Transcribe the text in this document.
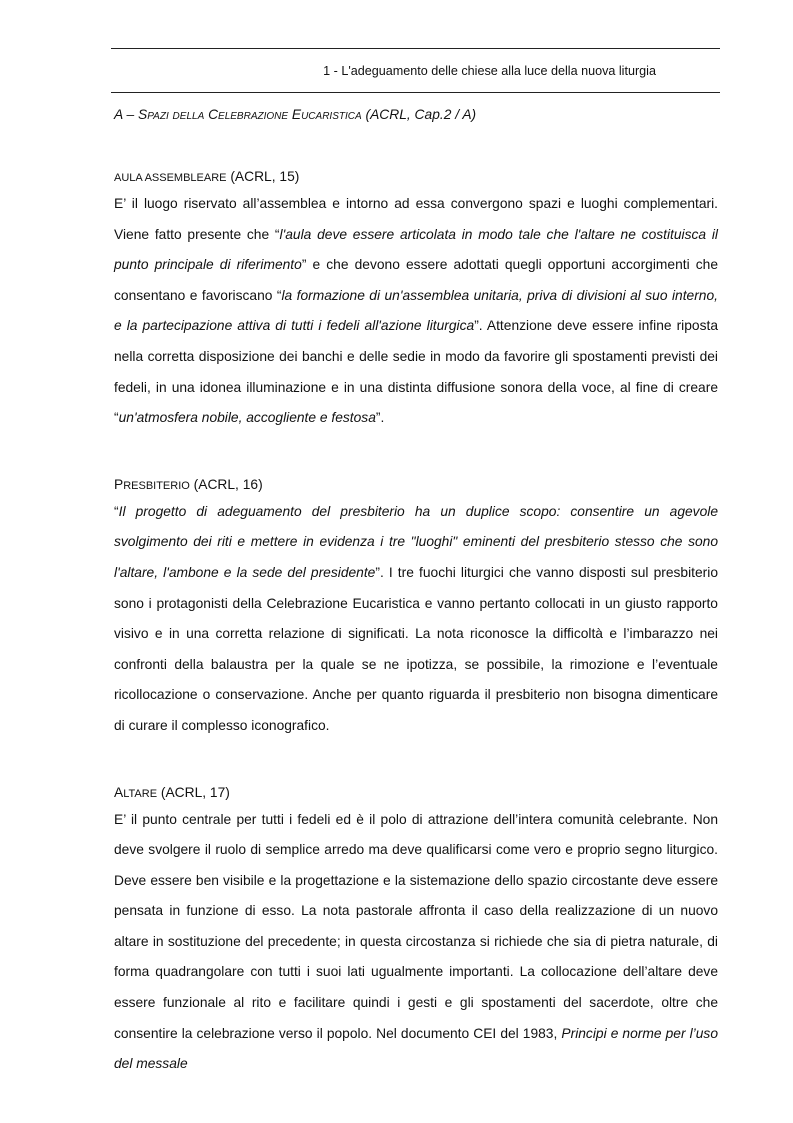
1 - L'adeguamento delle chiese alla luce della nuova liturgia
A – Spazi della Celebrazione Eucaristica (ACRL, Cap.2 / A)
AULA ASSEMBLEARE (ACRL, 15)

E’ il luogo riservato all’assemblea e intorno ad essa convergono spazi e luoghi complementari. Viene fatto presente che “l'aula deve essere articolata in modo tale che l'altare ne costituisca il punto principale di riferimento” e che devono essere adottati quegli opportuni accorgimenti che consentano e favoriscano “la formazione di un'assemblea unitaria, priva di divisioni al suo interno, e la partecipazione attiva di tutti i fedeli all'azione liturgica”. Attenzione deve essere infine riposta nella corretta disposizione dei banchi e delle sedie in modo da favorire gli spostamenti previsti dei fedeli, in una idonea illuminazione e in una distinta diffusione sonora della voce, al fine di creare “un'atmosfera nobile, accogliente e festosa”.

PRESBITERIO (ACRL, 16)

“Il progetto di adeguamento del presbiterio ha un duplice scopo: consentire un agevole svolgimento dei riti e mettere in evidenza i tre "luoghi" eminenti del presbiterio stesso che sono l'altare, l'ambone e la sede del presidente”. I tre fuochi liturgici che vanno disposti sul presbiterio sono i protagonisti della Celebrazione Eucaristica e vanno pertanto collocati in un giusto rapporto visivo e in una corretta relazione di significati. La nota riconosce la difficoltà e l’imbarazzo nei confronti della balaustra per la quale se ne ipotizza, se possibile, la rimozione e l’eventuale ricollocazione o conservazione. Anche per quanto riguarda il presbiterio non bisogna dimenticare di curare il complesso iconografico.

ALTARE (ACRL, 17)

E’ il punto centrale per tutti i fedeli ed è il polo di attrazione dell’intera comunità celebrante. Non deve svolgere il ruolo di semplice arredo ma deve qualificarsi come vero e proprio segno liturgico. Deve essere ben visibile e la progettazione e la sistemazione dello spazio circostante deve essere pensata in funzione di esso. La nota pastorale affronta il caso della realizzazione di un nuovo altare in sostituzione del precedente; in questa circostanza si richiede che sia di pietra naturale, di forma quadrangolare con tutti i suoi lati ugualmente importanti. La collocazione dell’altare deve essere funzionale al rito e facilitare quindi i gesti e gli spostamenti del sacerdote, oltre che consentire la celebrazione verso il popolo. Nel documento CEI del 1983, Principi e norme per l’uso del messale
